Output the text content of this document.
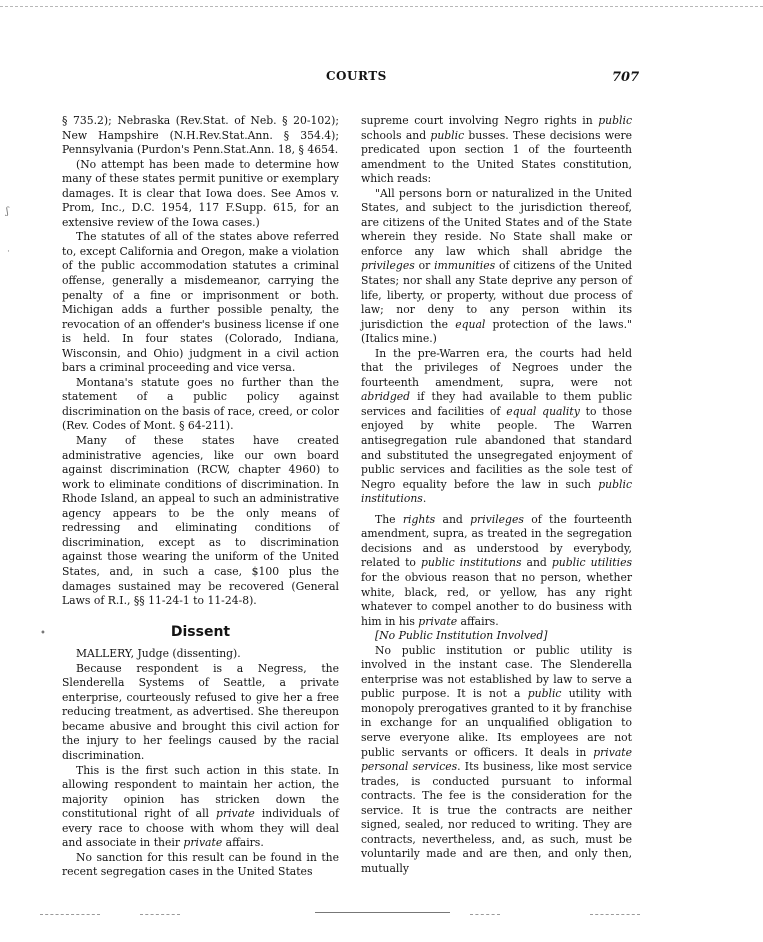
COURTS	707
ʃ
˙
•

§ 735.2); Nebraska (Rev.Stat. of Neb. § 20-102); New Hampshire (N.H.Rev.Stat.Ann. § 354.4); Pennsylvania (Purdon's Penn.Stat.Ann. 18, § 4654.

(No attempt has been made to determine how many of these states permit punitive or exemplary damages. It is clear that Iowa does. See Amos v. Prom, Inc., D.C. 1954, 117 F.Supp. 615, for an extensive review of the Iowa cases.)

The statutes of all of the states above referred to, except California and Oregon, make a violation of the public accommodation statutes a criminal offense, generally a misdemeanor, carrying the penalty of a fine or imprisonment or both. Michigan adds a further possible penalty, the revocation of an offender's business license if one is held. In four states (Colorado, Indiana, Wisconsin, and Ohio) judgment in a civil action bars a criminal proceeding and vice versa.

Montana's statute goes no further than the statement of a public policy against discrimination on the basis of race, creed, or color (Rev. Codes of Mont. § 64-211).

Many of these states have created administrative agencies, like our own board against discrimination (RCW, chapter 4960) to work to eliminate conditions of discrimination. In Rhode Island, an appeal to such an administrative agency appears to be the only means of redressing and eliminating conditions of discrimination, except as to discrimination against those wearing the uniform of the United States, and, in such a case, $100 plus the damages sustained may be recovered (General Laws of R.I., §§ 11-24-1 to 11-24-8).

Dissent

MALLERY, Judge (dissenting).

Because respondent is a Negress, the Slenderella Systems of Seattle, a private enterprise, courteously refused to give her a free reducing treatment, as advertised. She thereupon became abusive and brought this civil action for the injury to her feelings caused by the racial discrimination.

This is the first such action in this state. In allowing respondent to maintain her action, the majority opinion has stricken down the constitutional right of all private individuals of every race to choose with whom they will deal and associate in their private affairs.

No sanction for this result can be found in the recent segregation cases in the United States

supreme court involving Negro rights in public schools and public busses. These decisions were predicated upon section 1 of the fourteenth amendment to the United States constitution, which reads:

"All persons born or naturalized in the United States, and subject to the jurisdiction thereof, are citizens of the United States and of the State wherein they reside. No State shall make or enforce any law which shall abridge the privileges or immunities of citizens of the United States; nor shall any State deprive any person of life, liberty, or property, without due process of law; nor deny to any person within its jurisdiction the equal protection of the laws." (Italics mine.)

In the pre-Warren era, the courts had held that the privileges of Negroes under the fourteenth amendment, supra, were not abridged if they had available to them public services and facilities of equal quality to those enjoyed by white people. The Warren antisegregation rule abandoned that standard and substituted the unsegregated enjoyment of public services and facilities as the sole test of Negro equality before the law in such public institutions.

The rights and privileges of the fourteenth amendment, supra, as treated in the segregation decisions and as understood by everybody, related to public institutions and public utilities for the obvious reason that no person, whether white, black, red, or yellow, has any right whatever to compel another to do business with him in his private affairs.

[No Public Institution Involved]

No public institution or public utility is involved in the instant case. The Slenderella enterprise was not established by law to serve a public purpose. It is not a public utility with monopoly prerogatives granted to it by franchise in exchange for an unqualified obligation to serve everyone alike. Its employees are not public servants or officers. It deals in private personal services. Its business, like most service trades, is conducted pursuant to informal contracts. The fee is the consideration for the service. It is true the contracts are neither signed, sealed, nor reduced to writing. They are contracts, nevertheless, and, as such, must be voluntarily made and are then, and only then, mutually
